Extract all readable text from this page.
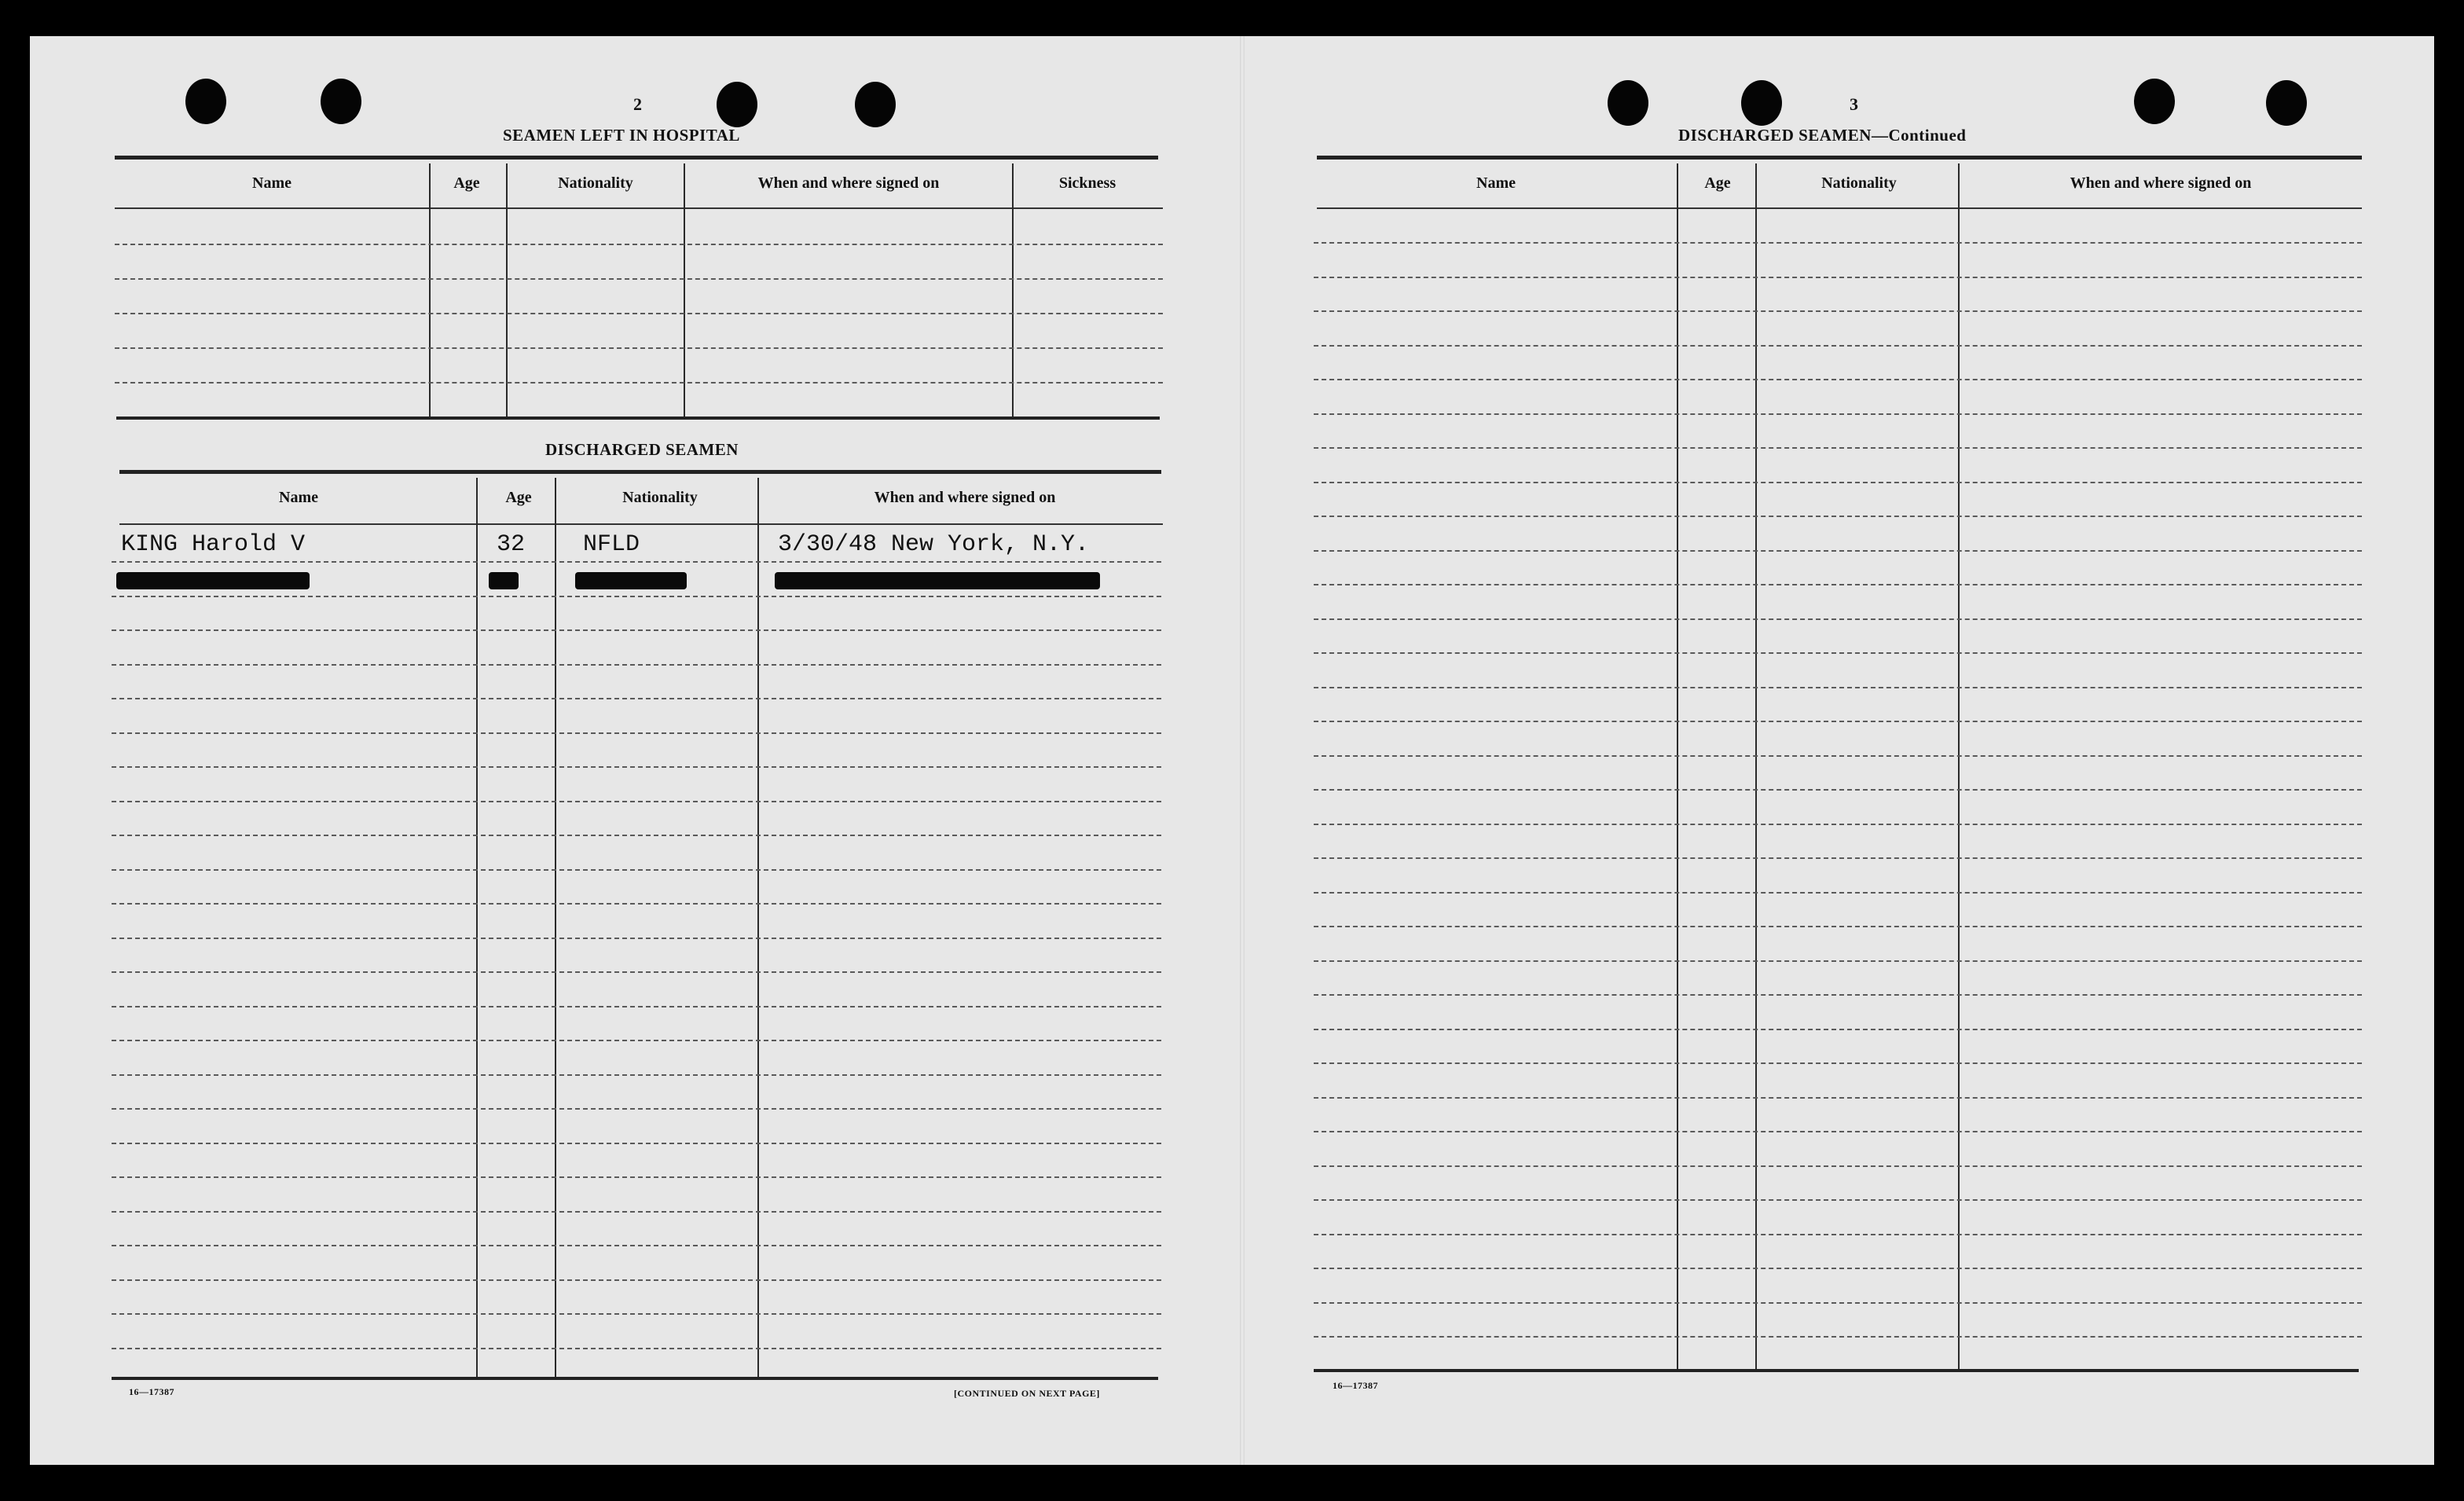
2
SEAMEN LEFT IN HOSPITAL
Name	Age	Nationality	When and where signed on	Sickness
DISCHARGED SEAMEN
Name	Age	Nationality	When and where signed on
KING Harold V	32 NFLD	3/30/48 New York, N.Y.
16—17387	[CONTINUED ON NEXT PAGE]
3
DISCHARGED SEAMEN—Continued
Name	Age	Nationality	When and where signed on
16—17387
